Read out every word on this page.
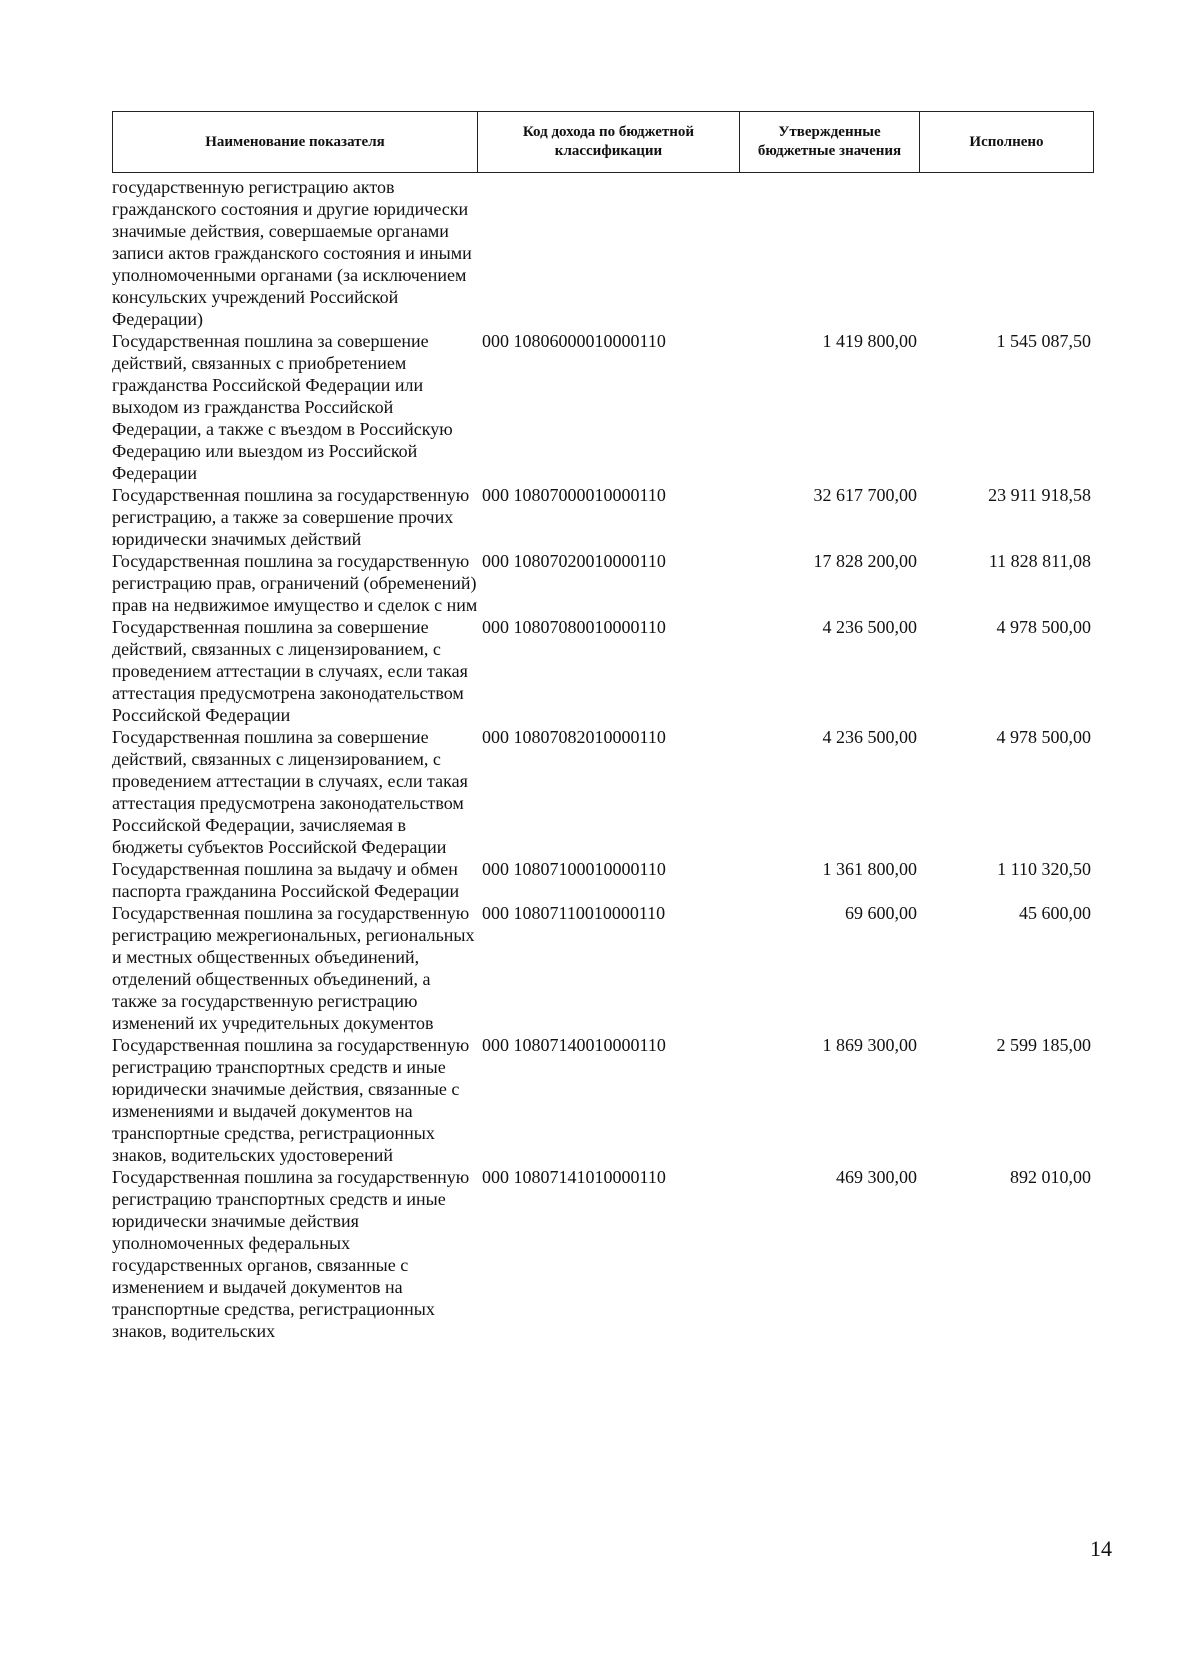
Наименование показателя	Код дохода по бюджетной классификации	Утвержденные бюджетные значения	Исполнено
государственную регистрацию актов гражданского состояния и другие юридически значимые действия, совершаемые органами записи актов гражданского состояния и иными уполномоченными органами (за исключением консульских учреждений Российской Федерации)
Государственная пошлина за совершение действий, связанных с приобретением гражданства Российской Федерации или выходом из гражданства Российской Федерации, а также с въездом в Российскую Федерацию или выездом из Российской Федерации
000 10806000010000110	1 419 800,00	1 545 087,50
Государственная пошлина за государственную регистрацию, а также за совершение прочих юридически значимых действий
000 10807000010000110	32 617 700,00	23 911 918,58
Государственная пошлина за государственную регистрацию прав, ограничений (обременений) прав на недвижимое имущество и сделок с ним
000 10807020010000110	17 828 200,00	11 828 811,08
Государственная пошлина за совершение действий, связанных с лицензированием, с проведением аттестации в случаях, если такая аттестация предусмотрена законодательством Российской Федерации
000 10807080010000110	4 236 500,00	4 978 500,00
Государственная пошлина за совершение действий, связанных с лицензированием, с проведением аттестации в случаях, если такая аттестация предусмотрена законодательством Российской Федерации, зачисляемая в бюджеты субъектов Российской Федерации
000 10807082010000110	4 236 500,00	4 978 500,00
Государственная пошлина за выдачу и обмен паспорта гражданина Российской Федерации
000 10807100010000110	1 361 800,00	1 110 320,50
Государственная пошлина за государственную регистрацию межрегиональных, региональных и местных общественных объединений, отделений общественных объединений, а также за государственную регистрацию изменений их учредительных документов
000 10807110010000110	69 600,00	45 600,00
Государственная пошлина за государственную регистрацию транспортных средств и иные юридически значимые действия, связанные с изменениями и выдачей документов на транспортные средства, регистрационных знаков, водительских удостоверений
000 10807140010000110	1 869 300,00	2 599 185,00
Государственная пошлина за государственную регистрацию транспортных средств и иные юридически значимые действия уполномоченных федеральных государственных органов, связанные с изменением и выдачей документов на транспортные средства, регистрационных знаков, водительских
000 10807141010000110	469 300,00	892 010,00
14
